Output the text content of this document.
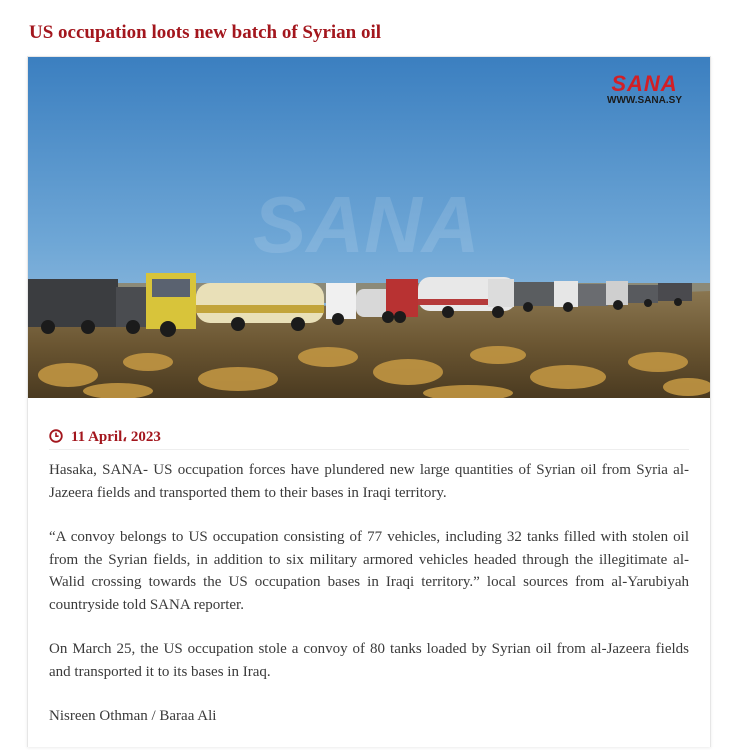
US occupation loots new batch of Syrian oil
SANA
SANA
WWW.SANA.SY
11 April، 2023

Hasaka, SANA- US occupation forces have plundered new large quantities of Syrian oil from Syria al-Jazeera fields and transported them to their bases in Iraqi territory.

“A convoy belongs to US occupation consisting of 77 vehicles, including 32 tanks filled with stolen oil from the Syrian fields, in addition to six military armored vehicles headed through the illegitimate al-Walid crossing towards the US occupation bases in Iraqi territory.” local sources from al-Yarubiyah countryside told SANA reporter.

On March 25, the US occupation stole a convoy of 80 tanks loaded by Syrian oil from al-Jazeera fields and transported it to its bases in Iraq.

Nisreen Othman / Baraa Ali
